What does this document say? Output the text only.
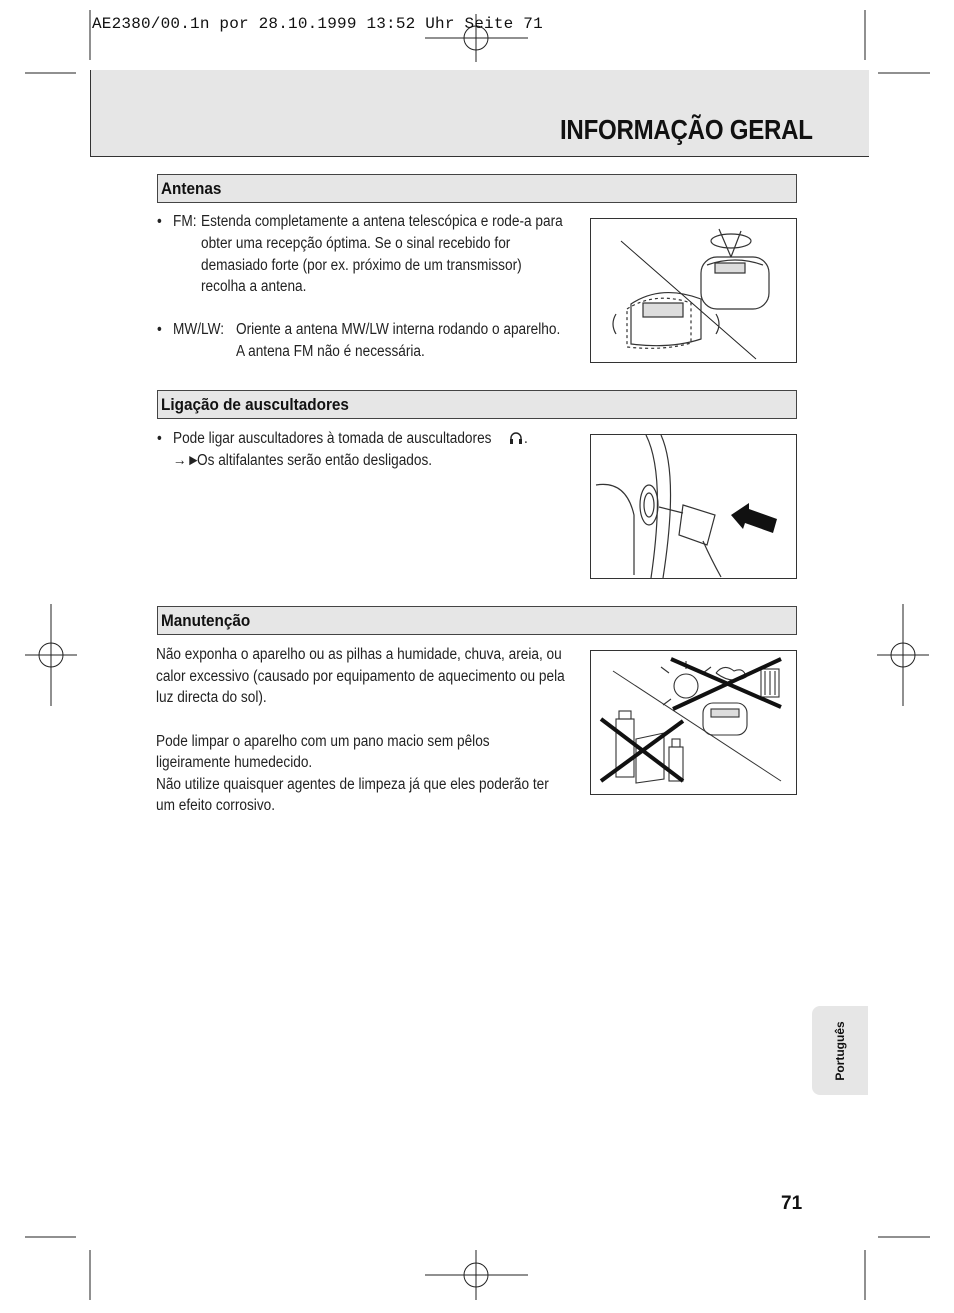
AE2380/00.1n por 28.10.1999 13:52 Uhr Seite 71
INFORMAÇÃO GERAL
Antenas
• FM: Estenda completamente a antena telescópica e rode-a para
obter uma recepção óptima. Se o sinal recebido for
demasiado forte (por ex. próximo de um transmissor)
recolha a antena.
• MW/LW: Oriente a antena MW/LW interna rodando o aparelho.
A antena FM não é necessária.
Ligação de auscultadores
• Pode ligar auscultadores à tomada de auscultadores .
→►
Os altifalantes serão então desligados.
Manutenção
Não exponha o aparelho ou as pilhas a humidade, chuva, areia, ou
calor excessivo (causado por equipamento de aquecimento ou pela
luz directa do sol).
Pode limpar o aparelho com um pano macio sem pêlos
ligeiramente humedecido.
Não utilize quaisquer agentes de limpeza já que eles poderão ter
um efeito corrosivo.
Português
71
